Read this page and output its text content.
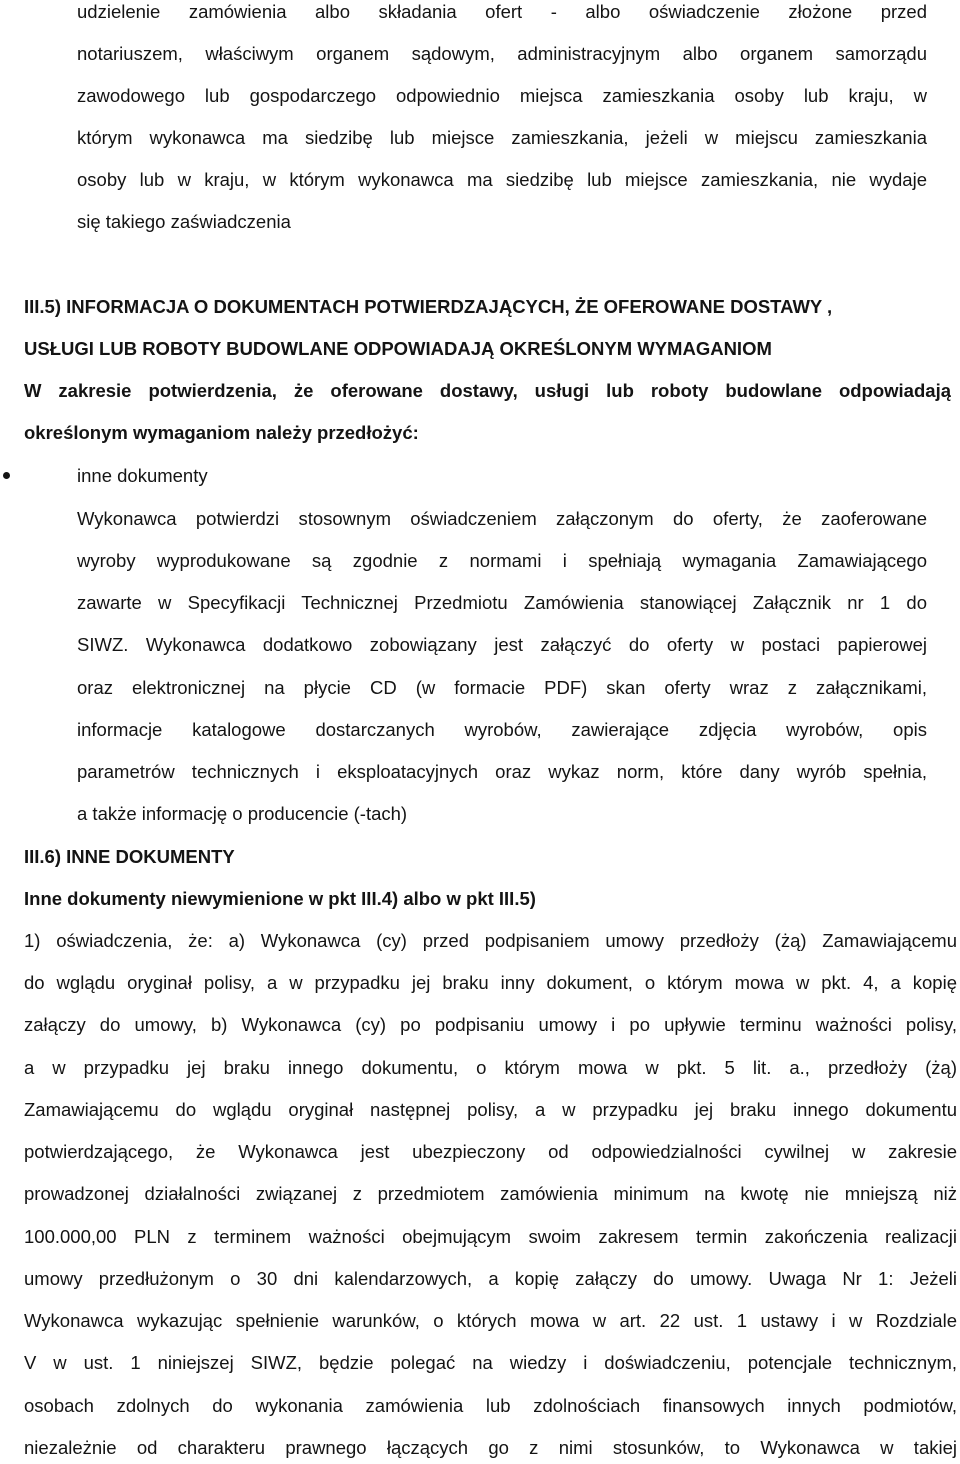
udzielenie zamówienia albo składania ofert - albo oświadczenie złożone przed
notariuszem, właściwym organem sądowym, administracyjnym albo organem samorządu
zawodowego lub gospodarczego odpowiednio miejsca zamieszkania osoby lub kraju, w
którym wykonawca ma siedzibę lub miejsce zamieszkania, jeżeli w miejscu zamieszkania
osoby lub w kraju, w którym wykonawca ma siedzibę lub miejsce zamieszkania, nie wydaje
się takiego zaświadczenia
III.5) INFORMACJA O DOKUMENTACH POTWIERDZAJĄCYCH, ŻE OFEROWANE DOSTAWY ,
USŁUGI LUB ROBOTY BUDOWLANE ODPOWIADAJĄ OKREŚLONYM WYMAGANIOM
W zakresie potwierdzenia, że oferowane dostawy, usługi lub roboty budowlane odpowiadają
określonym wymaganiom należy przedłożyć:
inne dokumenty
Wykonawca potwierdzi stosownym oświadczeniem załączonym do oferty, że zaoferowane
wyroby wyprodukowane są zgodnie z normami i spełniają wymagania Zamawiającego
zawarte w Specyfikacji Technicznej Przedmiotu Zamówienia stanowiącej Załącznik nr 1 do
SIWZ. Wykonawca dodatkowo zobowiązany jest załączyć do oferty w postaci papierowej
oraz elektronicznej na płycie CD (w formacie PDF) skan oferty wraz z załącznikami,
informacje katalogowe dostarczanych wyrobów, zawierające zdjęcia wyrobów, opis
parametrów technicznych i eksploatacyjnych oraz wykaz norm, które dany wyrób spełnia,
a także informację o producencie (-tach)
III.6) INNE DOKUMENTY
Inne dokumenty niewymienione w pkt III.4) albo w pkt III.5)
1) oświadczenia, że: a) Wykonawca (cy) przed podpisaniem umowy przedłoży (żą) Zamawiającemu
do wglądu oryginał polisy, a w przypadku jej braku inny dokument, o którym mowa w pkt. 4, a kopię
załączy do umowy, b) Wykonawca (cy) po podpisaniu umowy i po upływie terminu ważności polisy,
a w przypadku jej braku innego dokumentu, o którym mowa w pkt. 5 lit. a., przedłoży (żą)
Zamawiającemu do wglądu oryginał następnej polisy, a w przypadku jej braku innego dokumentu
potwierdzającego, że Wykonawca jest ubezpieczony od odpowiedzialności cywilnej w zakresie
prowadzonej działalności związanej z przedmiotem zamówienia minimum na kwotę nie mniejszą niż
100.000,00 PLN z terminem ważności obejmującym swoim zakresem termin zakończenia realizacji
umowy przedłużonym o 30 dni kalendarzowych, a kopię załączy do umowy. Uwaga Nr 1: Jeżeli
Wykonawca wykazując spełnienie warunków, o których mowa w art. 22 ust. 1 ustawy i w Rozdziale
V w ust. 1 niniejszej SIWZ, będzie polegać na wiedzy i doświadczeniu, potencjale technicznym,
osobach zdolnych do wykonania zamówienia lub zdolnościach finansowych innych podmiotów,
niezależnie od charakteru prawnego łączących go z nimi stosunków, to Wykonawca w takiej
